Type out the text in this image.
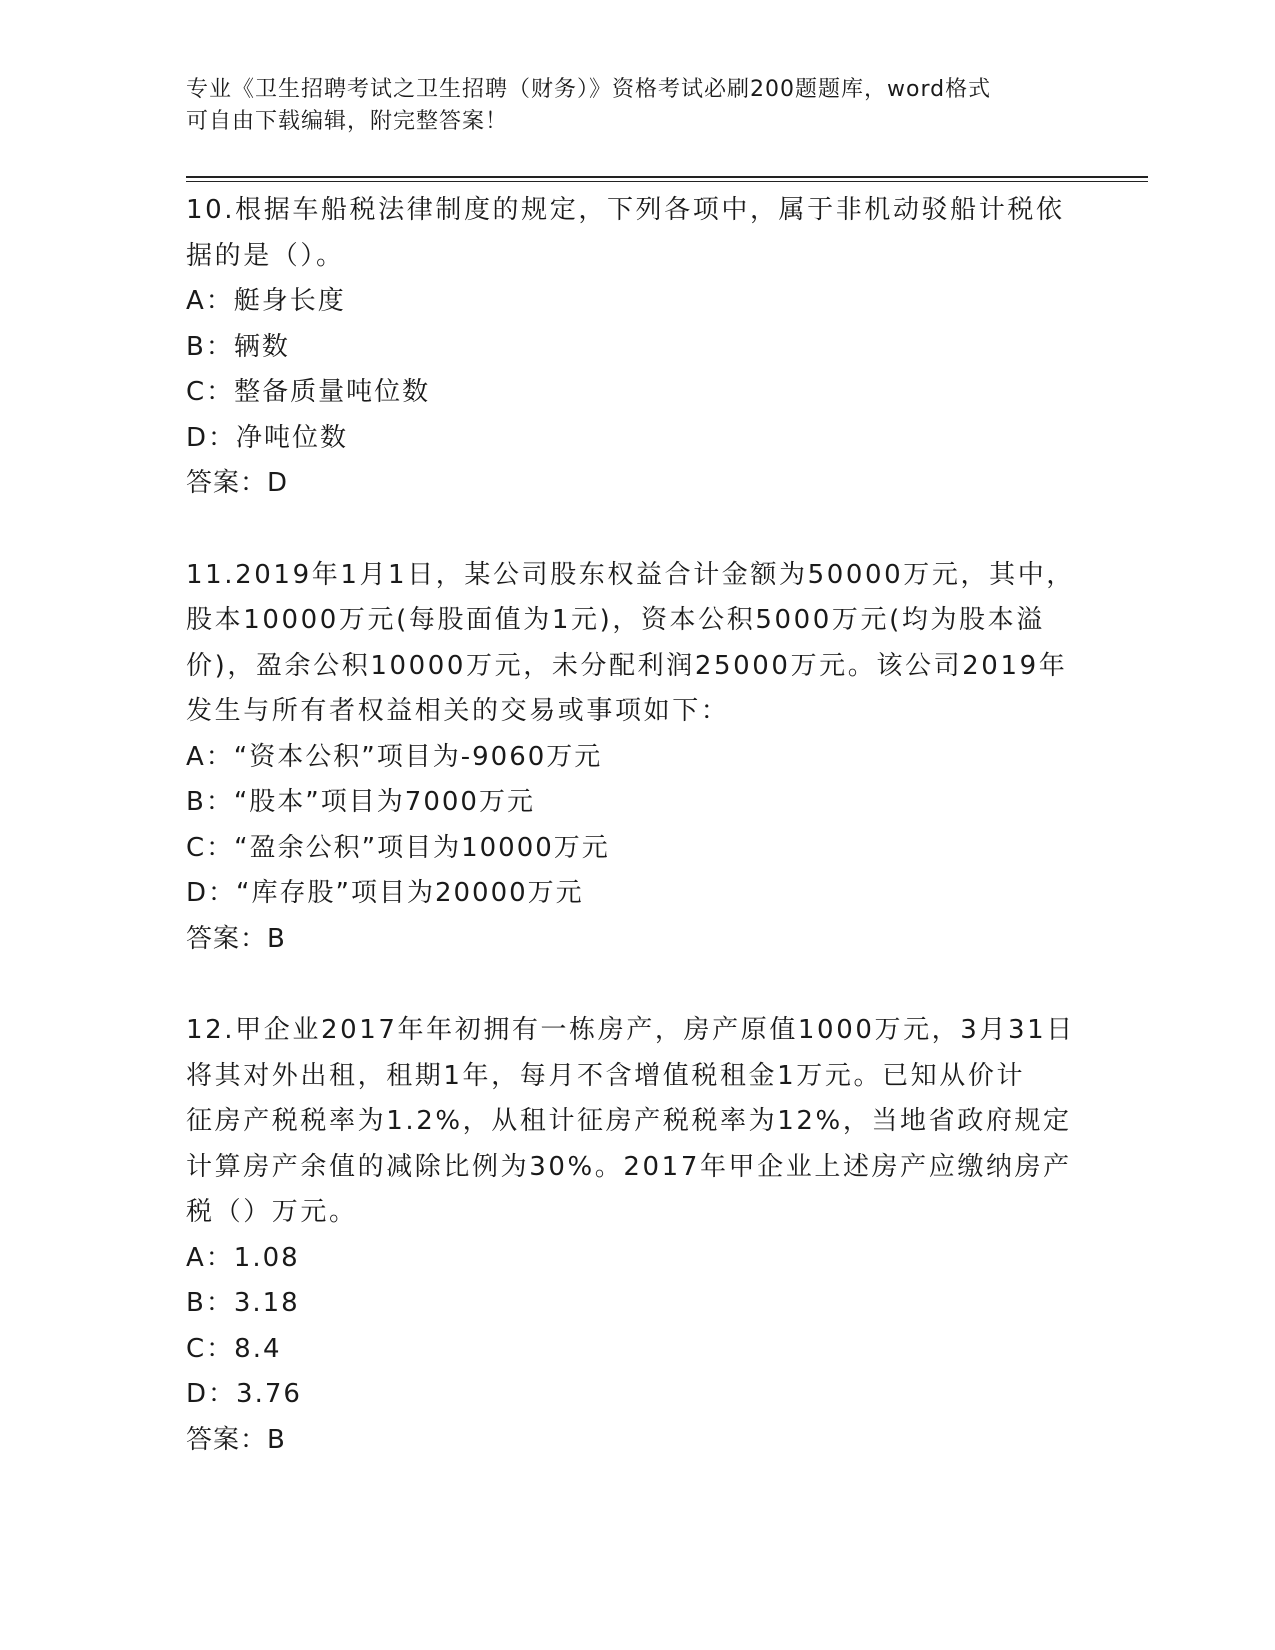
专业《卫生招聘考试之卫生招聘（财务）》资格考试必刷200题题库，word格式
可自由下载编辑，附完整答案！
10.根据车船税法律制度的规定，下列各项中，属于非机动驳船计税依
据的是（）。
A：艇身长度
B：辆数
C：整备质量吨位数
D：净吨位数
答案：D
11.2019年1月1日，某公司股东权益合计金额为50000万元，其中，
股本10000万元(每股面值为1元)，资本公积5000万元(均为股本溢
价)，盈余公积10000万元，未分配利润25000万元。该公司2019年
发生与所有者权益相关的交易或事项如下：
A：“资本公积”项目为-9060万元
B：“股本”项目为7000万元
C：“盈余公积”项目为10000万元
D：“库存股”项目为20000万元
答案：B
12.甲企业2017年年初拥有一栋房产，房产原值1000万元，3月31日
将其对外出租，租期1年，每月不含增值税租金1万元。已知从价计
征房产税税率为1.2%，从租计征房产税税率为12%，当地省政府规定
计算房产余值的减除比例为30%。2017年甲企业上述房产应缴纳房产
税（）万元。
A：1.08
B：3.18
C：8.4
D：3.76
答案：B
